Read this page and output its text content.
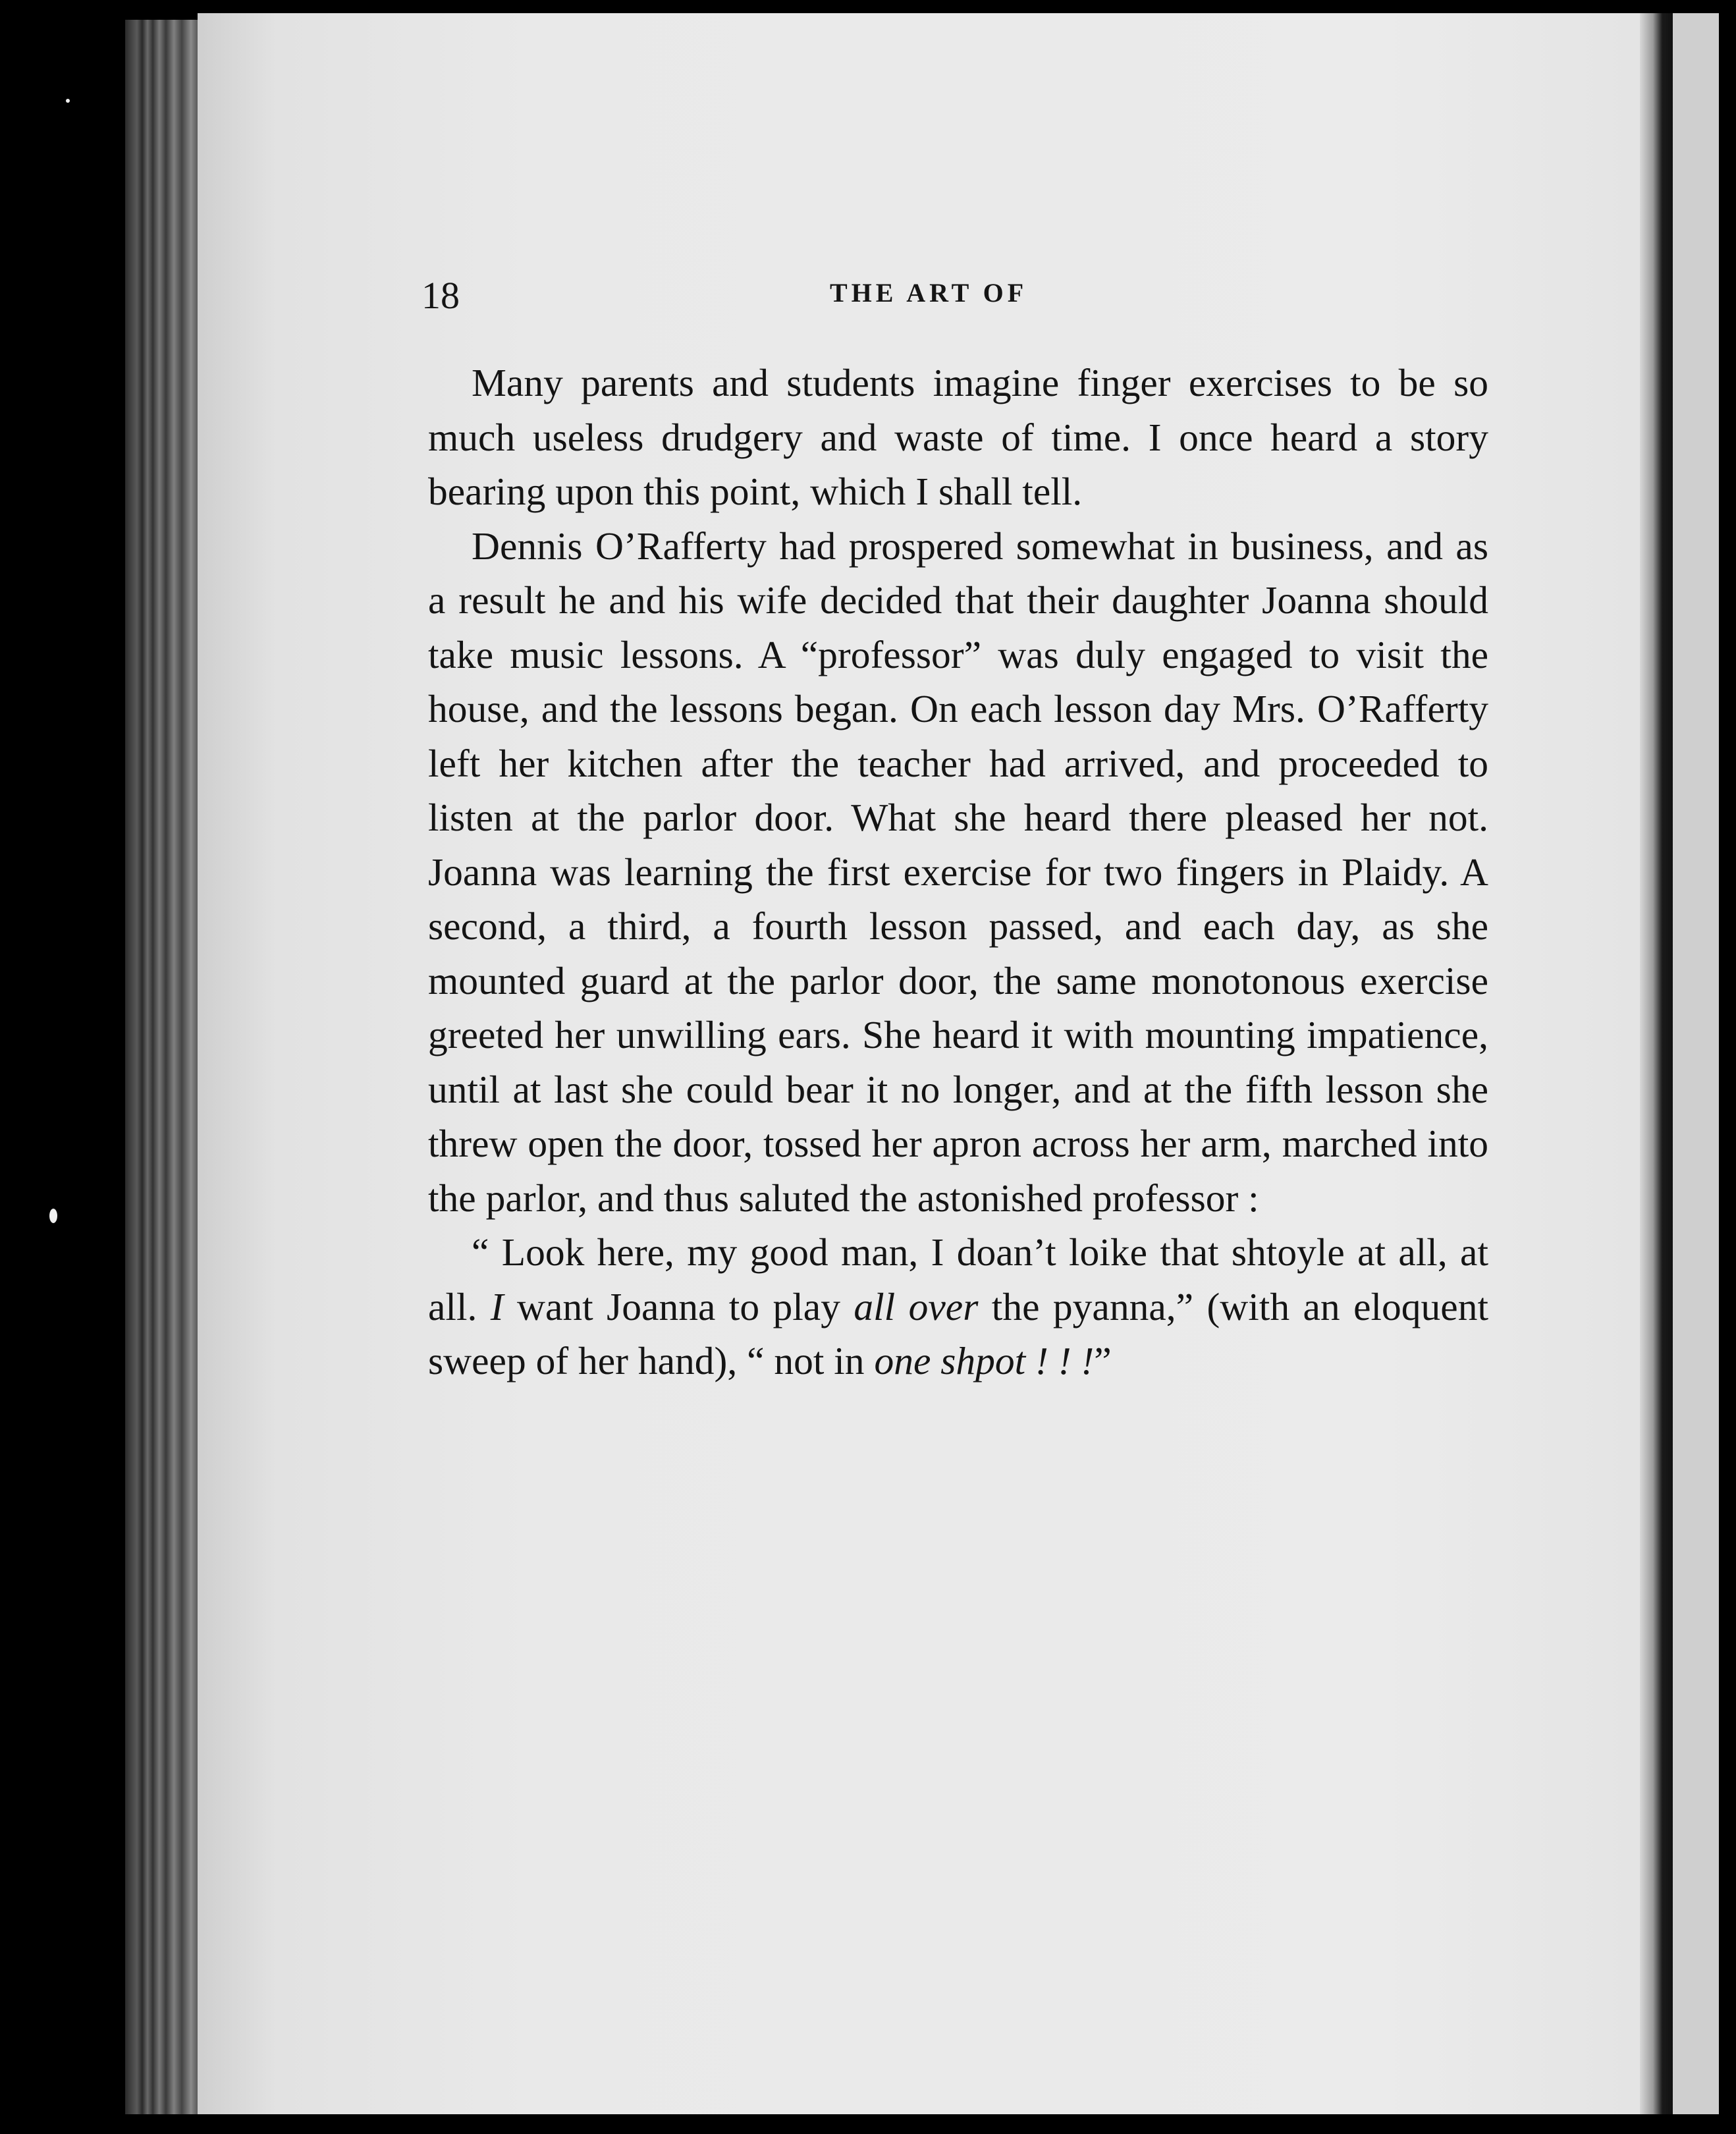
18	THE ART OF

Many parents and students imagine finger exercises to be so much useless drudgery and waste of time. I once heard a story bearing upon this point, which I shall tell.

Dennis O’Rafferty had prospered somewhat in business, and as a result he and his wife decided that their daughter Joanna should take music lessons. A “professor” was duly engaged to visit the house, and the lessons began. On each lesson day Mrs. O’Rafferty left her kitchen after the teacher had arrived, and proceeded to listen at the parlor door. What she heard there pleased her not. Joanna was learning the first exercise for two fingers in Plaidy. A second, a third, a fourth lesson passed, and each day, as she mounted guard at the parlor door, the same monotonous exercise greeted her unwilling ears. She heard it with mounting impatience, until at last she could bear it no longer, and at the fifth lesson she threw open the door, tossed her apron across her arm, marched into the parlor, and thus saluted the astonished professor :

“ Look here, my good man, I doan’t loike that shtoyle at all, at all. I want Joanna to play all over the pyanna,” (with an eloquent sweep of her hand), “ not in one shpot ! ! !”
